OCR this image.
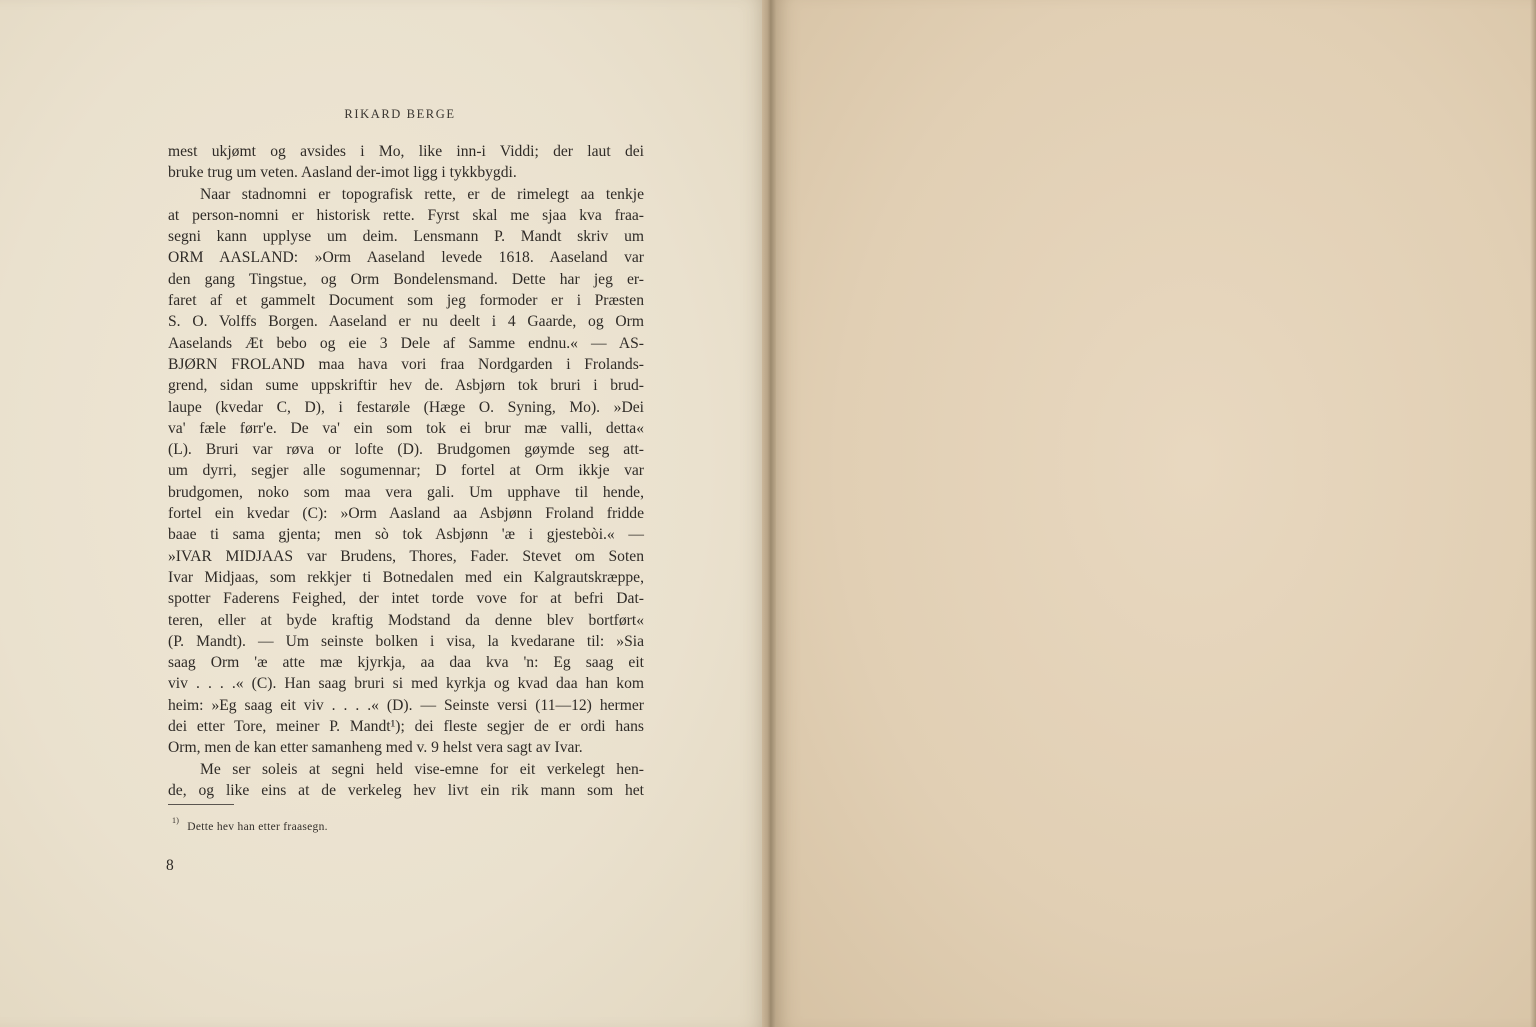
RIKARD BERGE
mest ukjømt og avsides i Mo, like inn-i Viddi; der laut dei
bruke trug um veten. Aasland der-imot ligg i tykkbygdi.
Naar stadnomni er topografisk rette, er de rimelegt aa tenkje
at person-nomni er historisk rette. Fyrst skal me sjaa kva fraa-
segni kann upplyse um deim. Lensmann P. Mandt skriv um
ORM AASLAND: »Orm Aaseland levede 1618. Aaseland var
den gang Tingstue, og Orm Bondelensmand. Dette har jeg er-
faret af et gammelt Document som jeg formoder er i Præsten
S. O. Volffs Borgen. Aaseland er nu deelt i 4 Gaarde, og Orm
Aaselands Æt bebo og eie 3 Dele af Samme endnu.« — AS-
BJØRN FROLAND maa hava vori fraa Nordgarden i Frolands-
grend, sidan sume uppskriftir hev de. Asbjørn tok bruri i brud-
laupe (kvedar C, D), i festarøle (Hæge O. Syning, Mo). »Dei
va' fæle førr'e. De va' ein som tok ei brur mæ valli, detta«
(L). Bruri var røva or lofte (D). Brudgomen gøymde seg att-
um dyrri, segjer alle sogumennar; D fortel at Orm ikkje var
brudgomen, noko som maa vera gali. Um upphave til hende,
fortel ein kvedar (C): »Orm Aasland aa Asbjønn Froland fridde
baae ti sama gjenta; men sò tok Asbjønn 'æ i gjestebòi.« —
»IVAR MIDJAAS var Brudens, Thores, Fader. Stevet om Soten
Ivar Midjaas, som rekkjer ti Botnedalen med ein Kalgrautskræppe,
spotter Faderens Feighed, der intet torde vove for at befri Dat-
teren, eller at byde kraftig Modstand da denne blev bortført«
(P. Mandt). — Um seinste bolken i visa, la kvedarane til: »Sia
saag Orm 'æ atte mæ kjyrkja, aa daa kva 'n: Eg saag eit
viv . . . .« (C). Han saag bruri si med kyrkja og kvad daa han kom
heim: »Eg saag eit viv . . . .« (D). — Seinste versi (11—12) hermer
dei etter Tore, meiner P. Mandt¹); dei fleste segjer de er ordi hans
Orm, men de kan etter samanheng med v. 9 helst vera sagt av Ivar.
Me ser soleis at segni held vise-emne for eit verkelegt hen-
de, og like eins at de verkeleg hev livt ein rik mann som het
$^{1)}$Dette hev han etter fraasegn.
8
